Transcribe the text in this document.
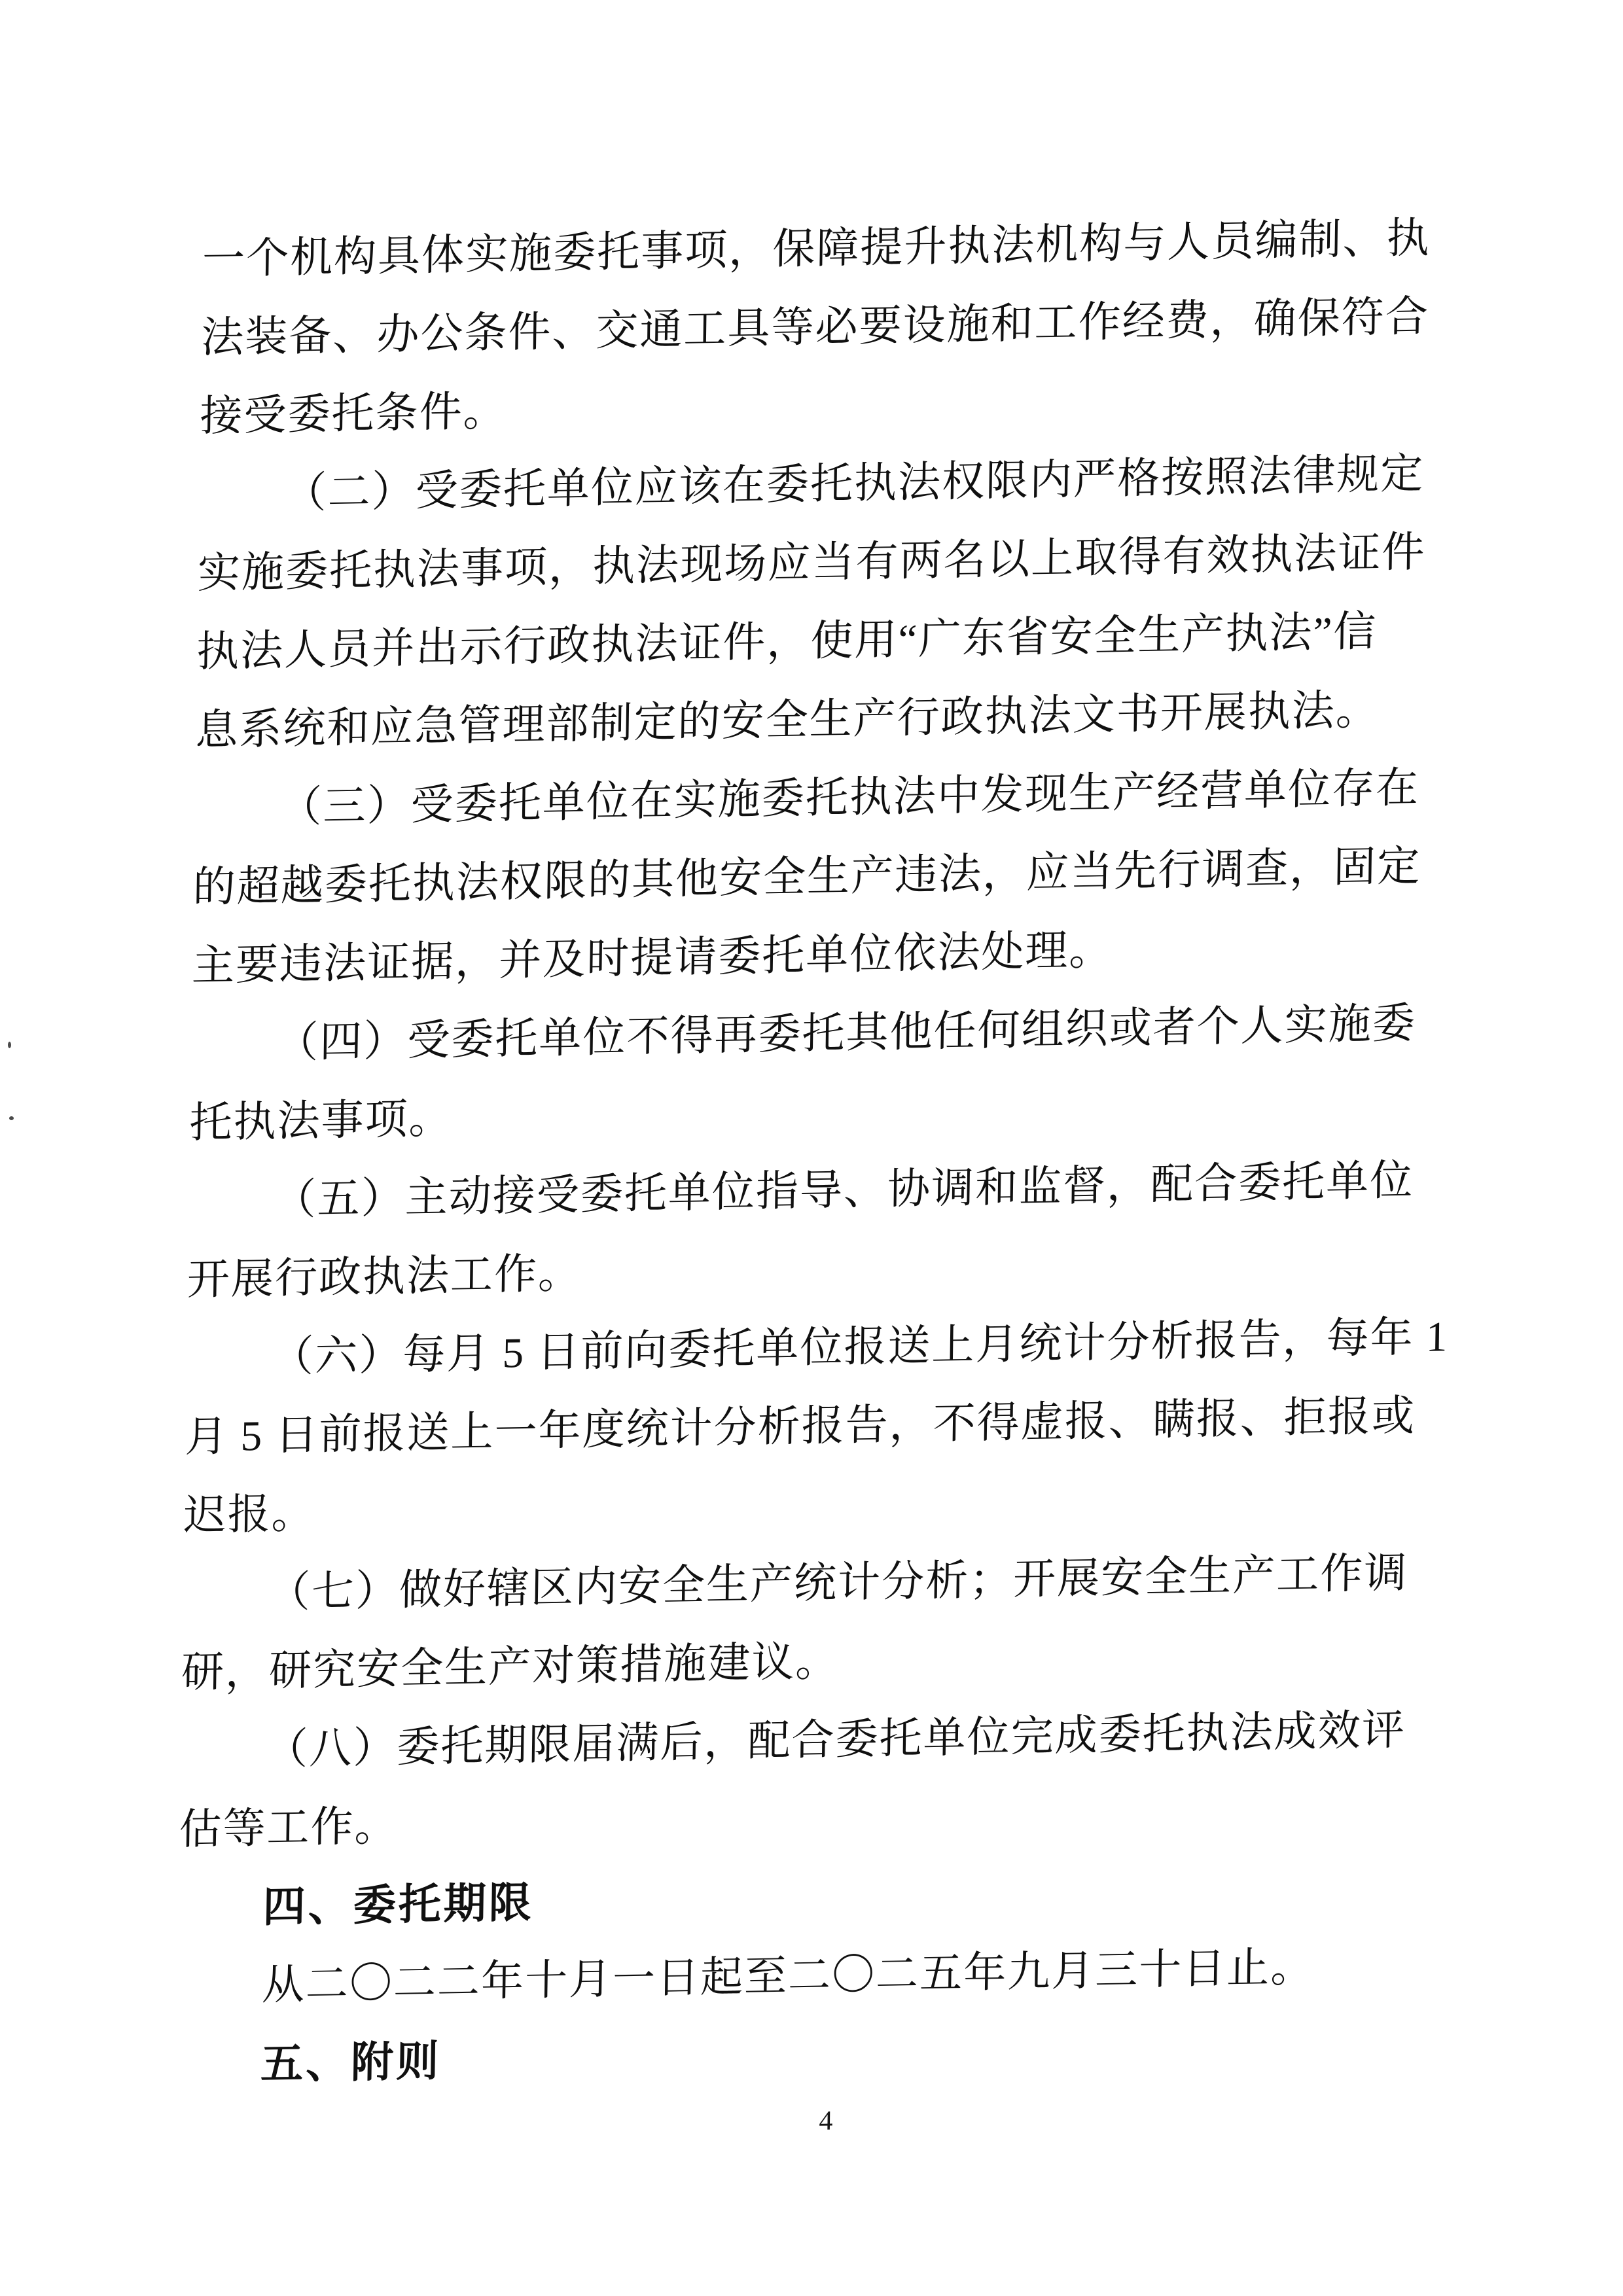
一个机构具体实施委托事项，保障提升执法机构与人员编制、执
法装备、办公条件、交通工具等必要设施和工作经费，确保符合
接受委托条件。
（二）受委托单位应该在委托执法权限内严格按照法律规定
实施委托执法事项，执法现场应当有两名以上取得有效执法证件
执法人员并出示行政执法证件，使用“广东省安全生产执法”信
息系统和应急管理部制定的安全生产行政执法文书开展执法。
（三）受委托单位在实施委托执法中发现生产经营单位存在
的超越委托执法权限的其他安全生产违法，应当先行调查，固定
主要违法证据，并及时提请委托单位依法处理。
（四）受委托单位不得再委托其他任何组织或者个人实施委
托执法事项。
（五）主动接受委托单位指导、协调和监督，配合委托单位
开展行政执法工作。
（六）每月 5 日前向委托单位报送上月统计分析报告，每年 1
月 5 日前报送上一年度统计分析报告，不得虚报、瞒报、拒报或
迟报。
（七）做好辖区内安全生产统计分析；开展安全生产工作调
研，研究安全生产对策措施建议。
（八）委托期限届满后，配合委托单位完成委托执法成效评
估等工作。
四、委托期限
从二〇二二年十月一日起至二〇二五年九月三十日止。
五、附则
4
